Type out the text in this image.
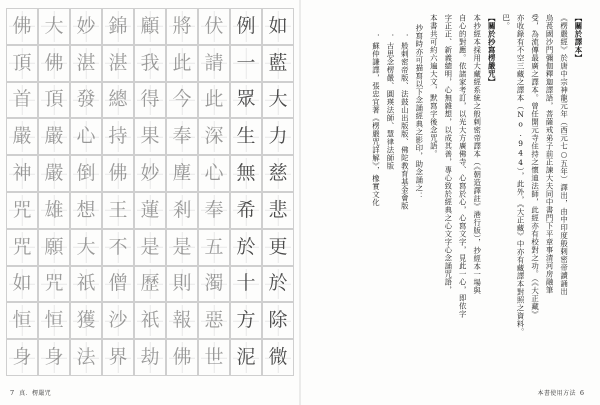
如
例
伏
將
顧
錦
妙
大
佛
藍
一
請
此
我
湛
湛
佛
頂
大
眾
此
今
得
總
發
頂
首
力
生
深
奉
果
持
心
嚴
嚴
慈
無
心
塵
妙
佛
倒
嚴
神
悲
希
奉
剎
蓮
王
想
雄
咒
更
於
五
是
是
不
大
願
咒
於
十
濁
則
歷
僧
祇
咒
如
除
方
惡
報
祇
沙
獲
恒
恒
微
泥
世
佛
劫
界
法
身
身
7 真．楞嚴咒
．蘇仲謙譯，張忠宜著《楞嚴咒詳解》，橡實文化 ．古思念楞嚴、圓瑛法師、慧律法師版 ．般剌密帝版、法鼓山出版版、佛陀教育基金會版 抄寫時亦可描寫以下念誦經典之影印，助念誦之： 本書共可約六遍大文，默寫字後念咒語。 字正正、新義總明，心無雜想，以成其善，專心致於經典之心文字心念誦咒語， 自心的對應。依諸家考訂，以光大方廣佛寺、心寫於心，心寫文字，見此一心，即依字 本抄經本採用大藏經系統之般剌密帝譯本（《朝造譯註》港行版），抄經本一場與 【關於抄寫楞嚴咒】 巴。 亦收錄有不空三藏之譯本（No.944），此外，《大正藏》中亦有藏譯本對照之資料。 受，為流傳最廣之譯本。曾任開元寺住持之懷迪法師，此經亦有校對之功。（《大正藏》 烏萇國沙門彌伽釋迦譯語，菩薩戒弟子前正諫大夫同中書門下平章事清河房融筆 《楞嚴經》於唐中宗神龍元年（西元七○五年）譯出，由中印度般剌密帝讀誦出 【關於譯本】
本書使用方法 6
